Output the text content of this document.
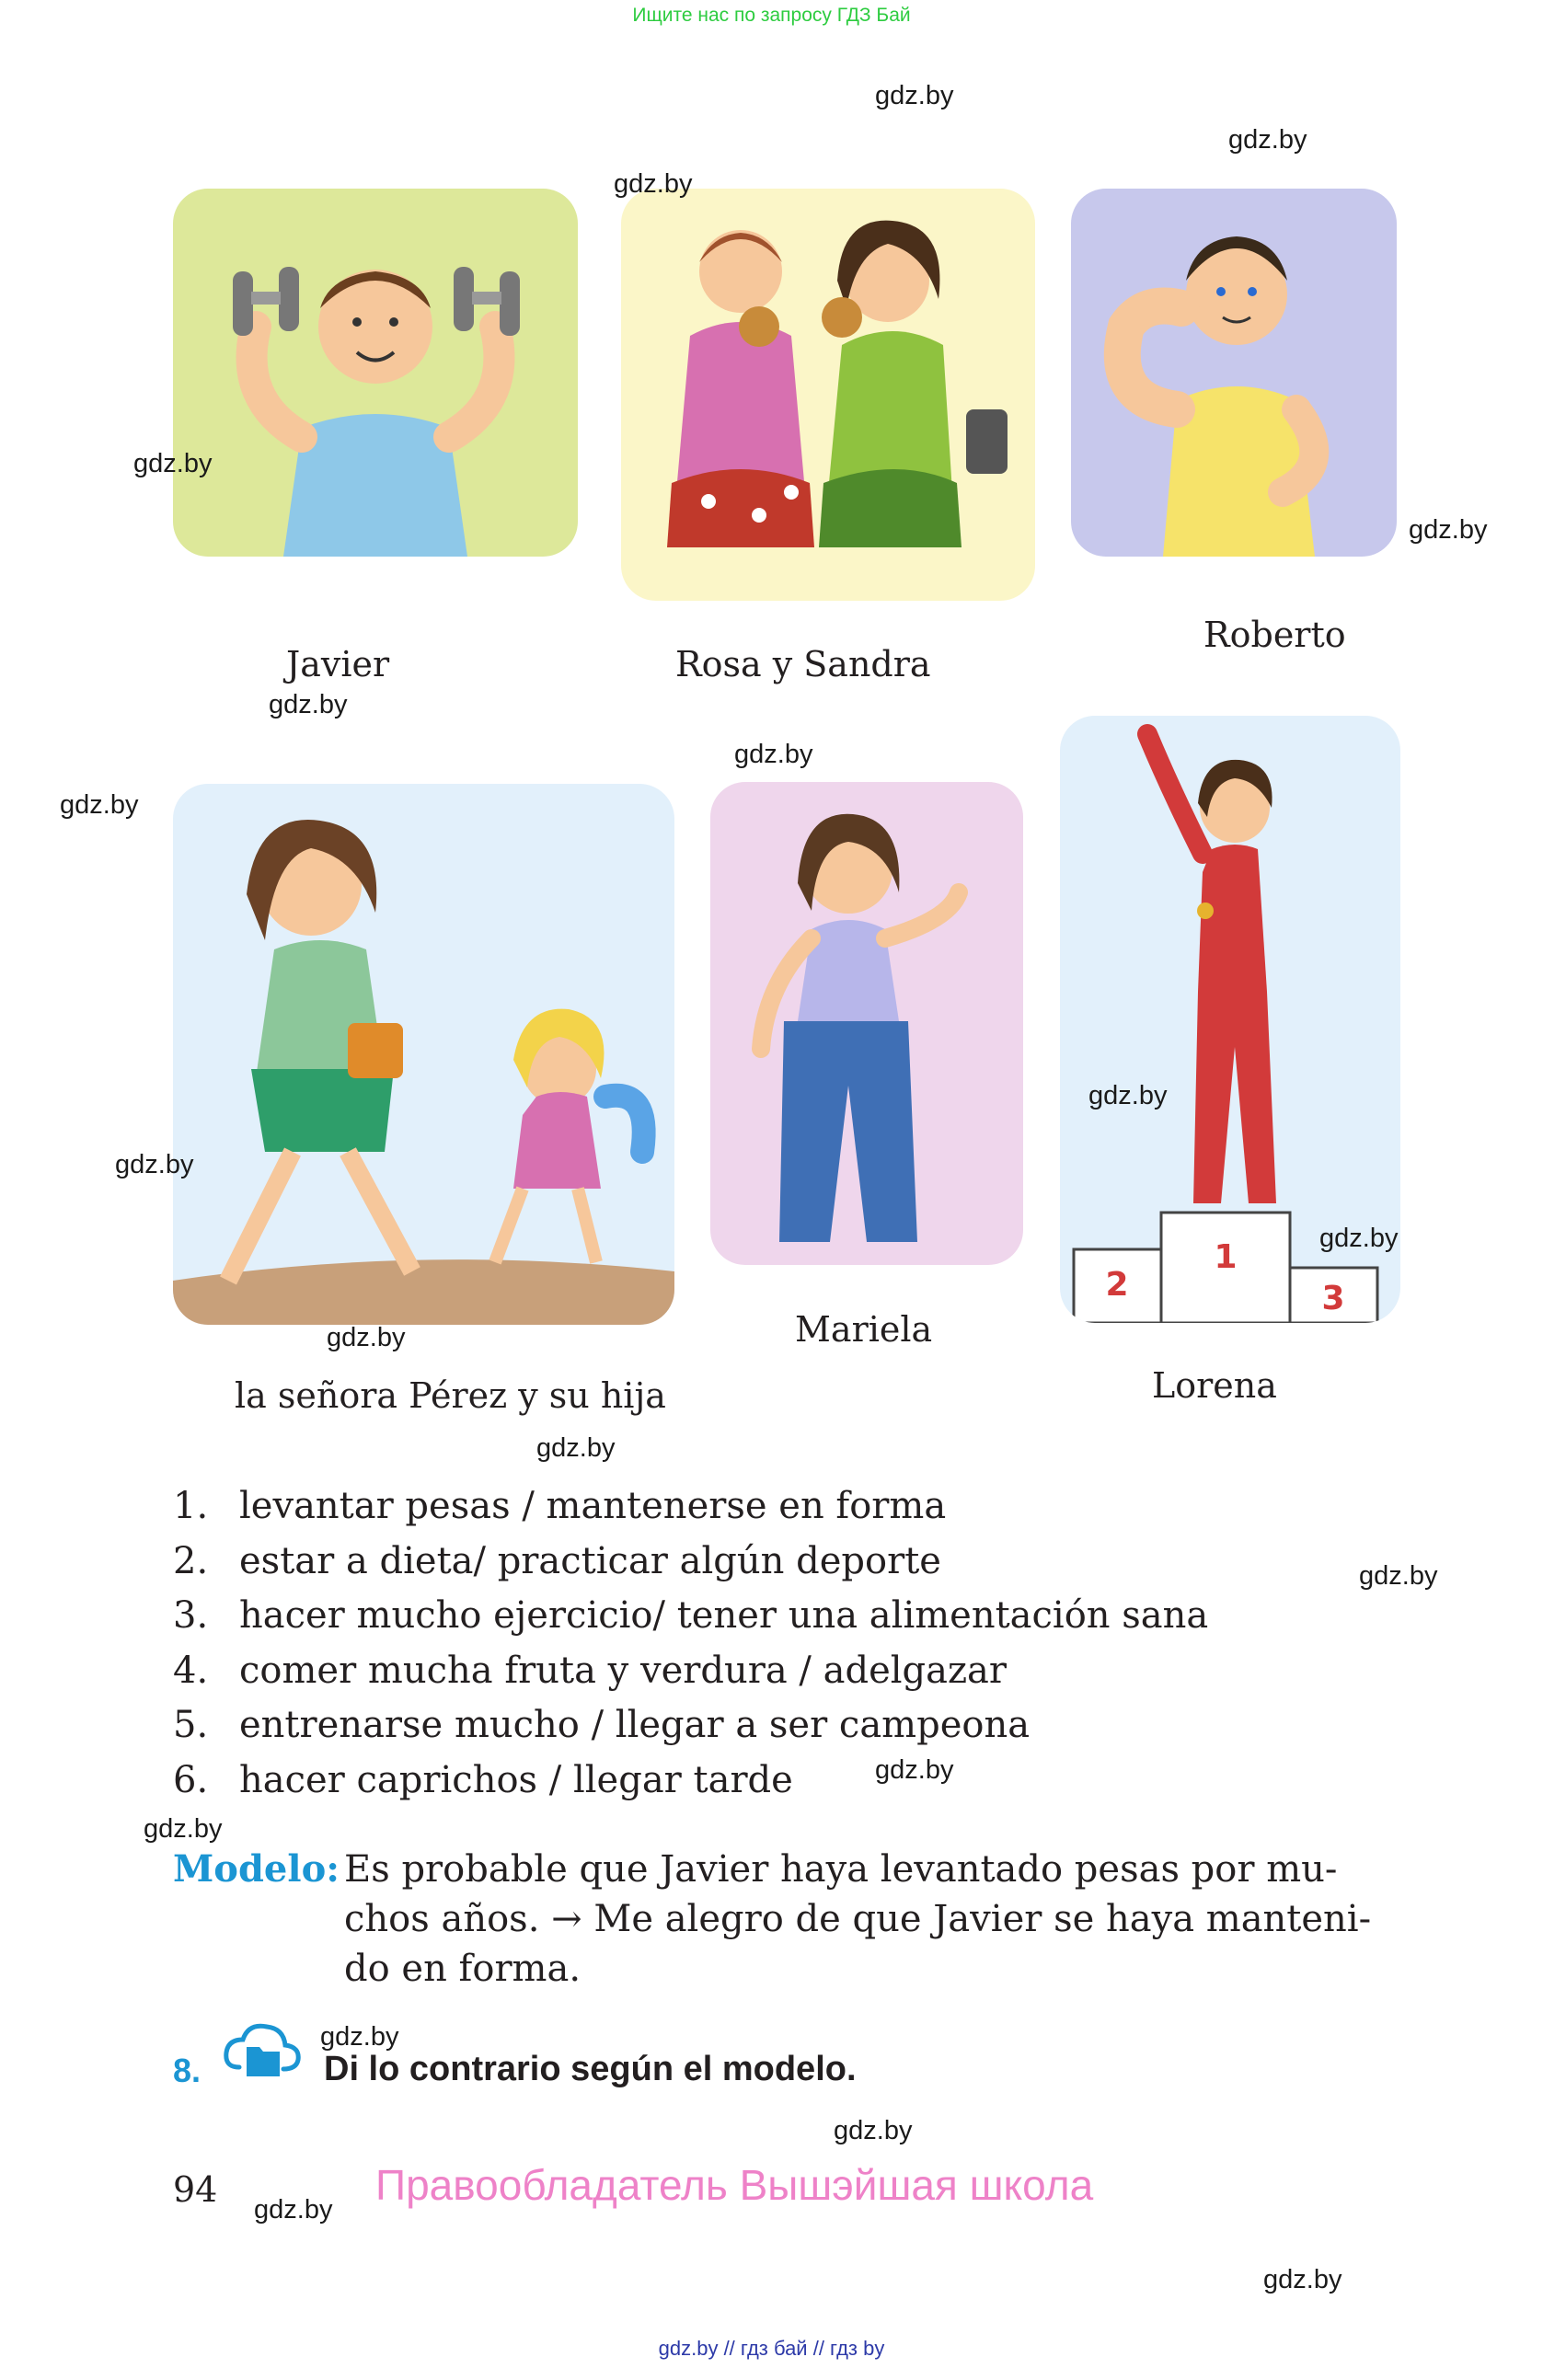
Ищите нас по запросу ГДЗ Бай
1
2	3
Javier	Rosa y Sandra
Roberto
la señora Pérez y su hija
Mariela
Lorena
1. levantar pesas / mantenerse en forma
2. estar a dieta/ practicar algún deporte
3. hacer mucho ejercicio/ tener una alimentación sana
4. comer mucha fruta y verdura / adelgazar
5. entrenarse mucho / llegar a ser campeona
6. hacer caprichos / llegar tarde
Modelo: Es probable que Javier haya levantado pesas por mu-
chos años. → Me alegro de que Javier se haya manteni-
do en forma.
8.	Di lo contrario según el modelo.
94	Правообладатель Вышэйшая школа
gdz.by // гдз бай // гдз by
gdz.by
gdz.by
gdz.by
gdz.by
gdz.by
gdz.by
gdz.by
gdz.by
gdz.by
gdz.by
gdz.by
gdz.by
gdz.by
gdz.by
gdz.by
gdz.by
gdz.by
gdz.by
gdz.by
gdz.by
